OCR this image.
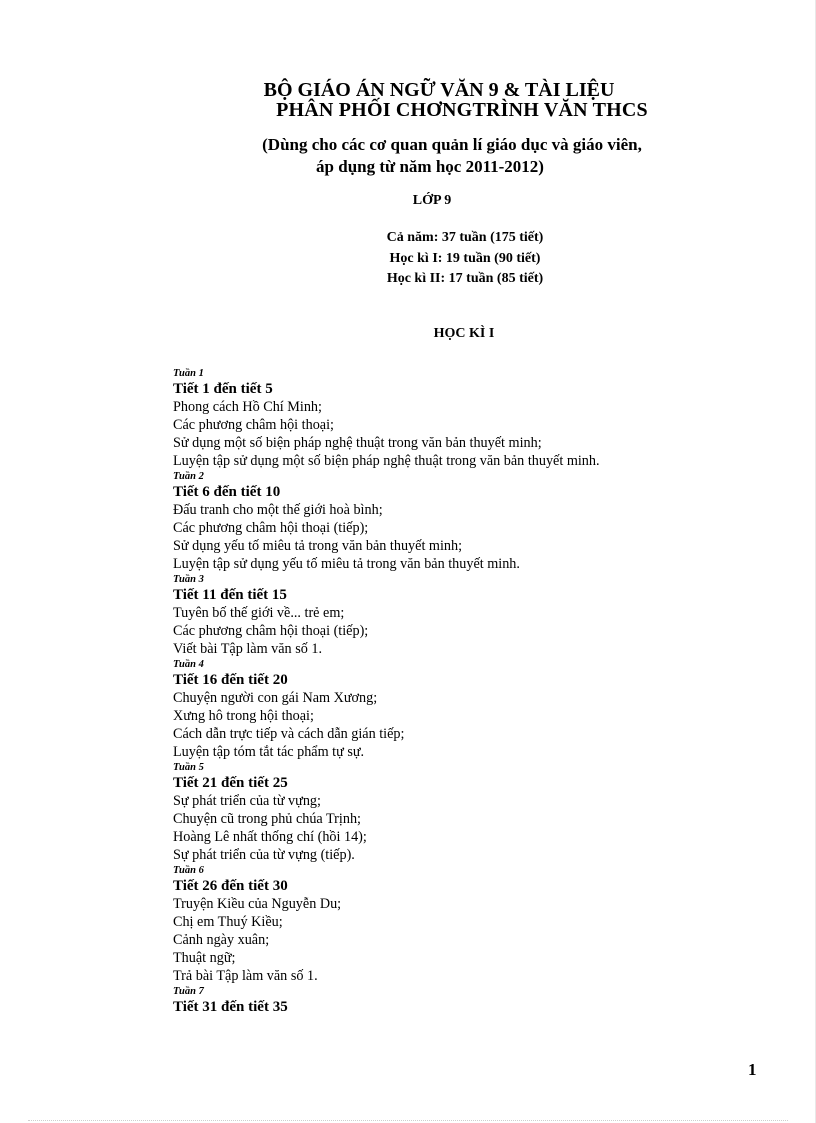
BỘ GIÁO ÁN NGỮ VĂN 9 & TÀI LIỆU
PHÂN PHỐI CHƠNGTRÌNH VĂN THCS
(Dùng cho các cơ quan quản lí giáo dục và giáo viên,
áp dụng từ năm học 2011-2012)
LỚP 9
Cả năm: 37 tuần (175 tiết)
Học kì I: 19 tuần (90 tiết)
Học kì II: 17 tuần (85 tiết)
HỌC KÌ I
Tuần 1
Tiết 1 đến tiết 5
Phong cách Hồ Chí Minh;
Các phương châm hội thoại;
Sử dụng một số biện pháp nghệ thuật trong văn bản thuyết minh;
Luyện tập sử dụng một số biện pháp nghệ thuật trong văn bản thuyết minh.
Tuần 2
Tiết 6 đến tiết 10
Đấu tranh cho một thế giới hoà bình;
Các phương châm hội thoại (tiếp);
Sử dụng yếu tố miêu tả trong văn bản thuyết minh;
Luyện tập sử dụng yếu tố miêu tả trong văn bản thuyết minh.
Tuần 3
Tiết 11 đến tiết 15
Tuyên bố thế giới về... trẻ em;
Các phương châm hội thoại (tiếp);
Viết bài Tập làm văn số 1.
Tuần 4
Tiết 16 đến tiết 20
Chuyện người con gái Nam Xương;
Xưng hô trong hội thoại;
Cách dẫn trực tiếp và cách dẫn gián tiếp;
Luyện tập tóm tắt tác phẩm tự sự.
Tuần 5
Tiết 21 đến tiết 25
Sự phát triển của từ vựng;
Chuyện cũ trong phủ chúa Trịnh;
Hoàng Lê nhất thống chí (hồi 14);
Sự phát triển của từ vựng (tiếp).
Tuần 6
Tiết 26 đến tiết 30
Truyện Kiều của Nguyễn Du;
Chị em Thuý Kiều;
Cảnh ngày xuân;
Thuật ngữ;
Trả bài Tập làm văn số 1.
Tuần 7
Tiết 31 đến tiết 35
1
